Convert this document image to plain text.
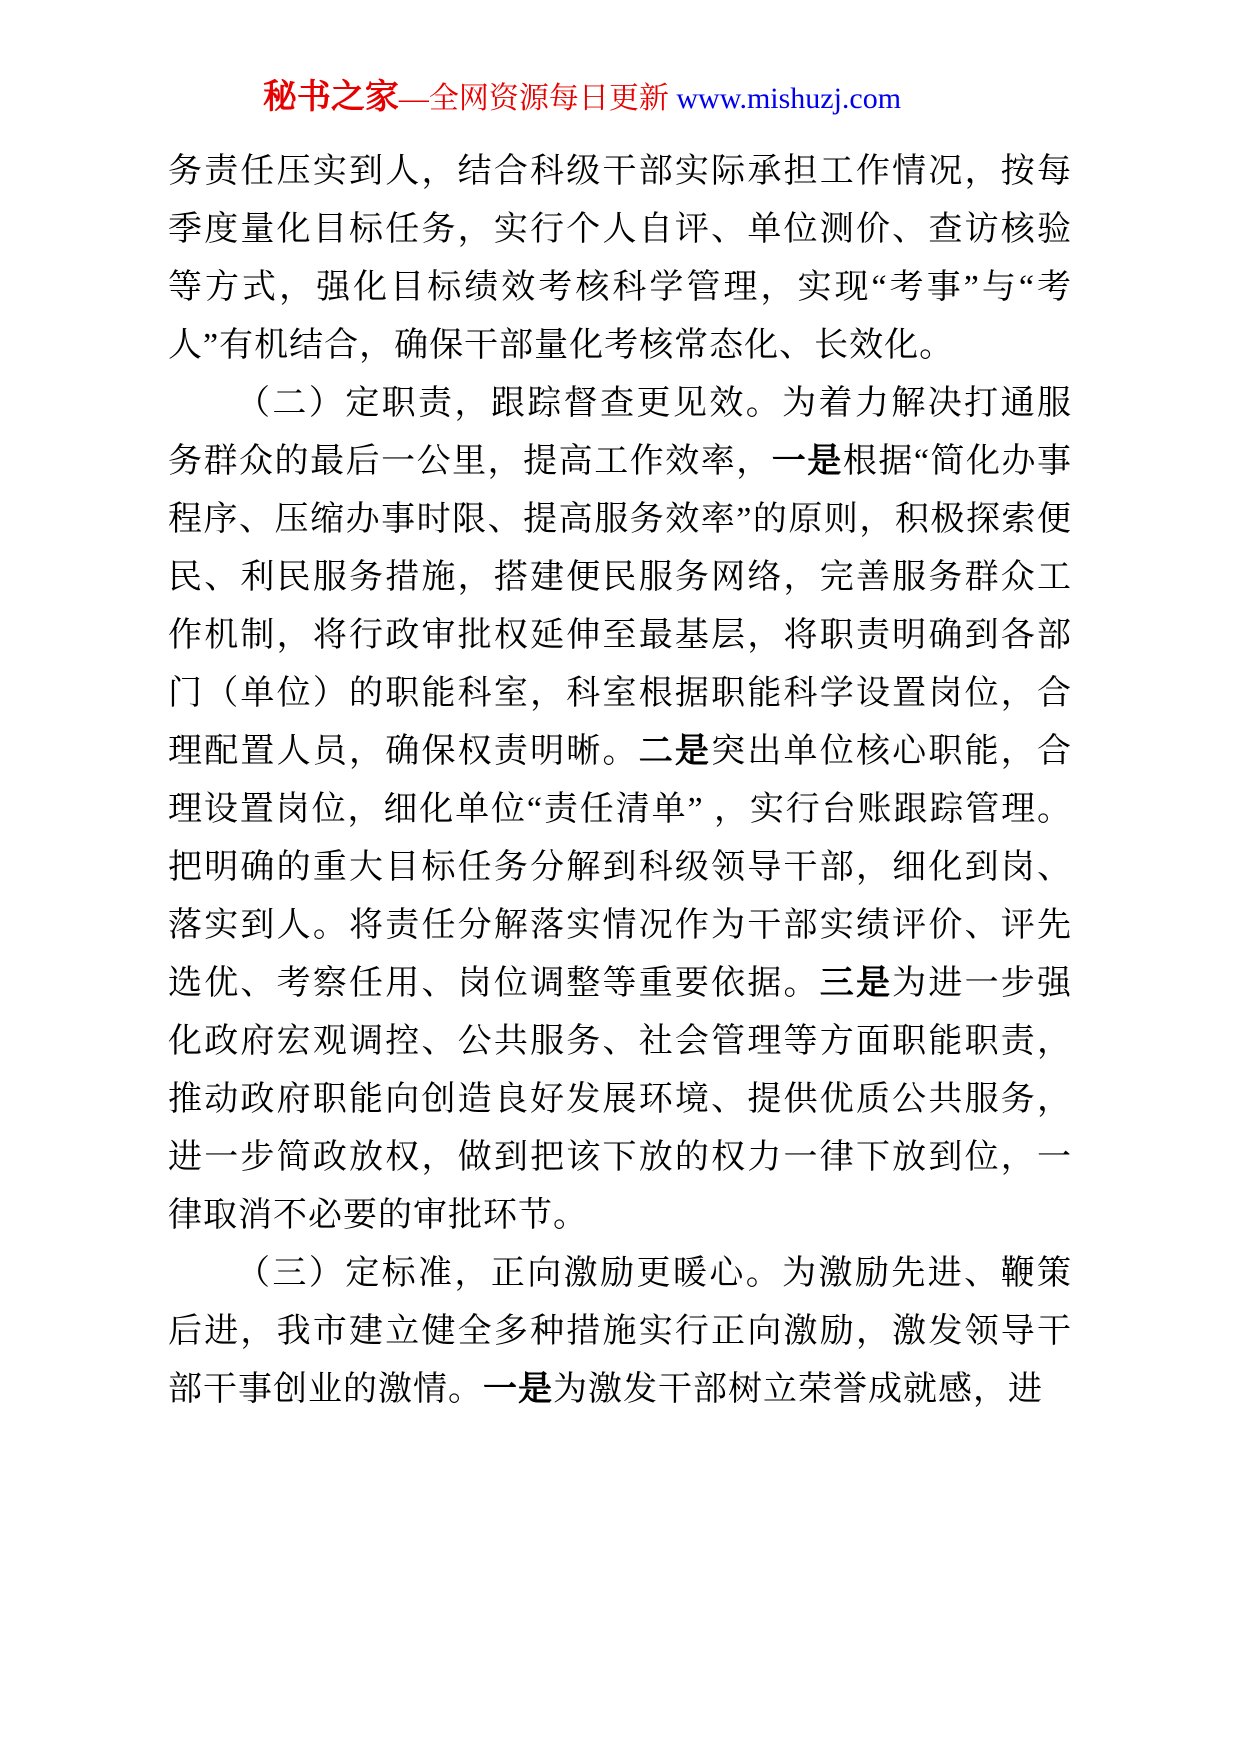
秘书之家—全网资源每日更新 www.mishuzj.com

务责任压实到人，结合科级干部实际承担工作情况，按每季度量化目标任务，实行个人自评、单位测价、查访核验等方式，强化目标绩效考核科学管理，实现“考事”与“考人”有机结合，确保干部量化考核常态化、长效化。

（二）定职责，跟踪督查更见效。为着力解决打通服务群众的最后一公里，提高工作效率，一是根据“简化办事程序、压缩办事时限、提高服务效率”的原则，积极探索便民、利民服务措施，搭建便民服务网络，完善服务群众工作机制，将行政审批权延伸至最基层，将职责明确到各部门（单位）的职能科室，科室根据职能科学设置岗位，合理配置人员，确保权责明晰。二是突出单位核心职能，合理设置岗位，细化单位“责任清单” ，实行台账跟踪管理。把明确的重大目标任务分解到科级领导干部，细化到岗、落实到人。将责任分解落实情况作为干部实绩评价、评先选优、考察任用、岗位调整等重要依据。三是为进一步强化政府宏观调控、公共服务、社会管理等方面职能职责，推动政府职能向创造良好发展环境、提供优质公共服务，进一步简政放权，做到把该下放的权力一律下放到位，一律取消不必要的审批环节。

（三）定标准，正向激励更暖心。为激励先进、鞭策后进，我市建立健全多种措施实行正向激励，激发领导干部干事创业的激情。一是为激发干部树立荣誉成就感，进
